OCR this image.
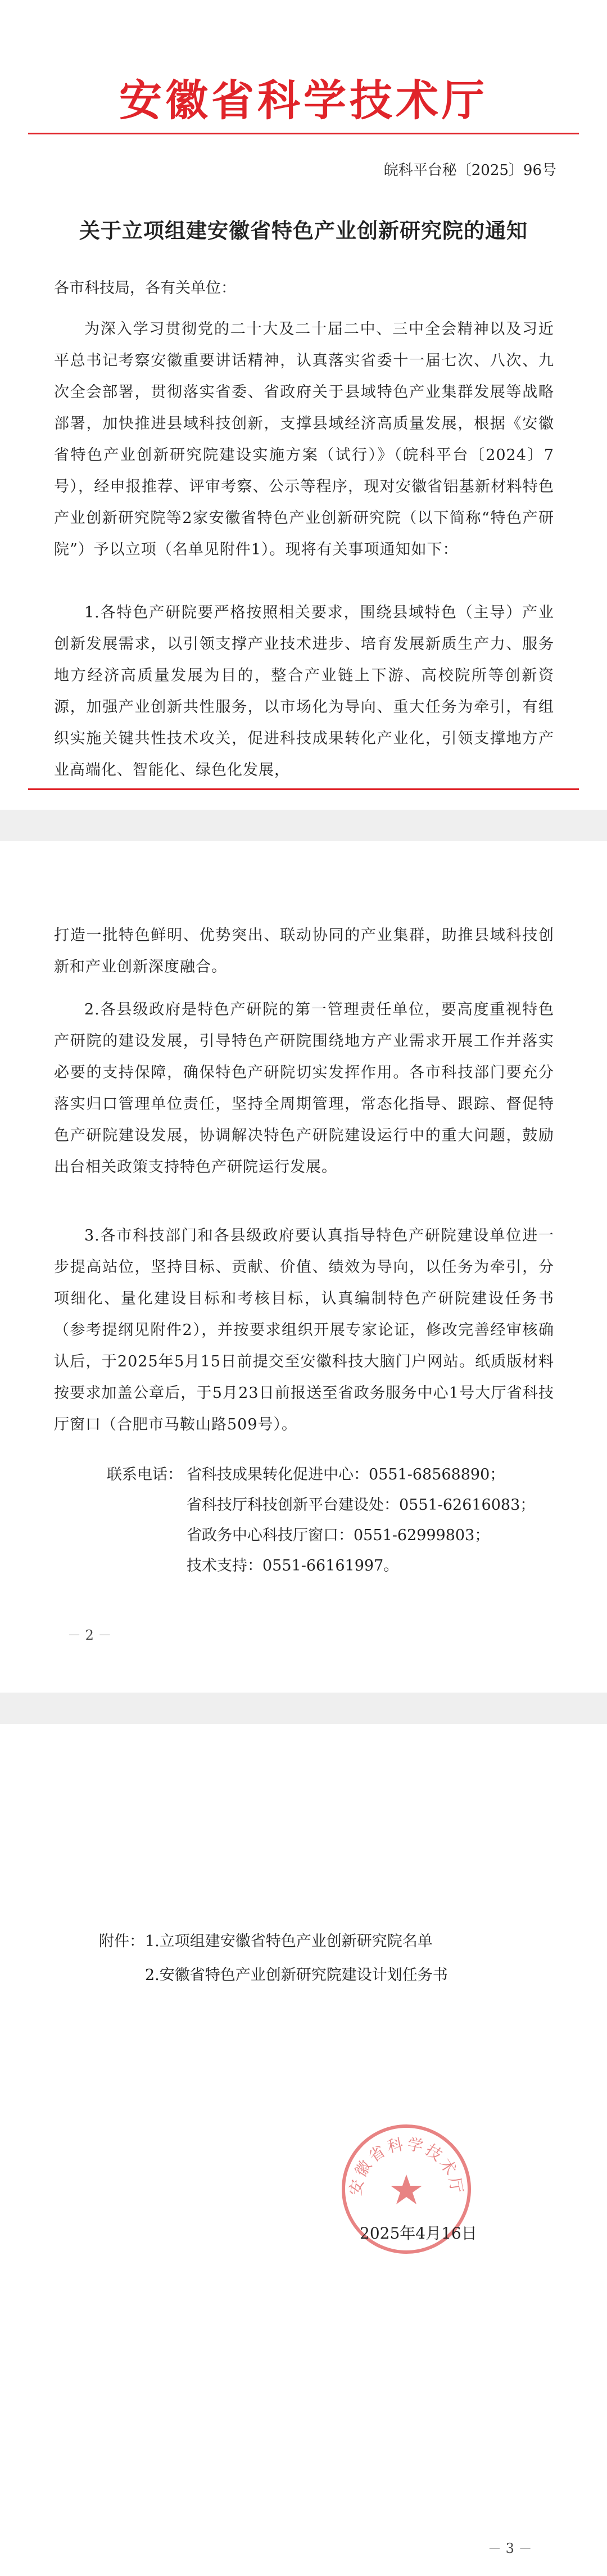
安徽省科学技术厅
皖科平台秘〔2025〕96号
关于立项组建安徽省特色产业创新研究院的通知
各市科技局，各有关单位：
为深入学习贯彻党的二十大及二十届二中、三中全会精神以及习近平总书记考察安徽重要讲话精神，认真落实省委十一届七次、八次、九次全会部署，贯彻落实省委、省政府关于县域特色产业集群发展等战略部署，加快推进县域科技创新，支撑县域经济高质量发展，根据《安徽省特色产业创新研究院建设实施方案（试行）》（皖科平台〔2024〕7号），经申报推荐、评审考察、公示等程序，现对安徽省铝基新材料特色产业创新研究院等2家安徽省特色产业创新研究院（以下简称“特色产研院”）予以立项（名单见附件1）。现将有关事项通知如下：
1.各特色产研院要严格按照相关要求，围绕县域特色（主导）产业创新发展需求，以引领支撑产业技术进步、培育发展新质生产力、服务地方经济高质量发展为目的，整合产业链上下游、高校院所等创新资源，加强产业创新共性服务，以市场化为导向、重大任务为牵引，有组织实施关键共性技术攻关，促进科技成果转化产业化，引领支撑地方产业高端化、智能化、绿色化发展，
打造一批特色鲜明、优势突出、联动协同的产业集群，助推县域科技创新和产业创新深度融合。
2.各县级政府是特色产研院的第一管理责任单位，要高度重视特色产研院的建设发展，引导特色产研院围绕地方产业需求开展工作并落实必要的支持保障，确保特色产研院切实发挥作用。各市科技部门要充分落实归口管理单位责任，坚持全周期管理，常态化指导、跟踪、督促特色产研院建设发展，协调解决特色产研院建设运行中的重大问题，鼓励出台相关政策支持特色产研院运行发展。
3.各市科技部门和各县级政府要认真指导特色产研院建设单位进一步提高站位，坚持目标、贡献、价值、绩效为导向，以任务为牵引，分项细化、量化建设目标和考核目标，认真编制特色产研院建设任务书（参考提纲见附件2），并按要求组织开展专家论证，修改完善经审核确认后，于2025年5月15日前提交至安徽科技大脑门户网站。纸质版材料按要求加盖公章后，于5月23日前报送至省政务服务中心1号大厅省科技厅窗口（合肥市马鞍山路509号）。
联系电话： 省科技成果转化促进中心：0551-68568890；
省科技厅科技创新平台建设处：0551-62616083；
省政务中心科技厅窗口：0551-62999803；
技术支持：0551-66161997。
－ 2 －
附件： 1.立项组建安徽省特色产业创新研究院名单
2.安徽省特色产业创新研究院建设计划任务书
安徽省科学技术厅
2025年4月16日
－ 3 －
